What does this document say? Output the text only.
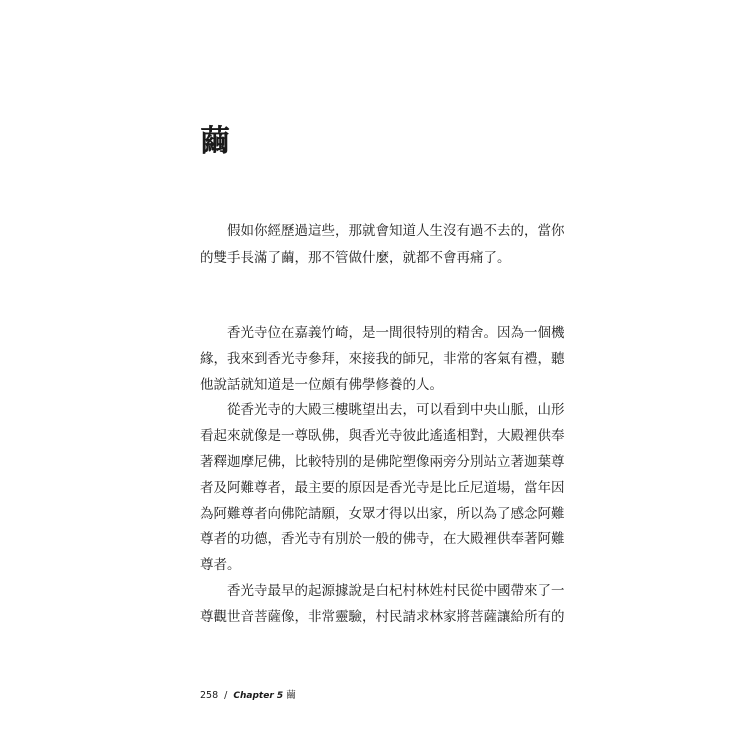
繭

假如你經歷過這些，那就會知道人生沒有過不去的，當你

的雙手長滿了繭，那不管做什麼，就都不會再痛了。

香光寺位在嘉義竹崎，是一間很特別的精舍。因為一個機
緣，我來到香光寺參拜，來接我的師兄，非常的客氣有禮，聽
他說話就知道是一位頗有佛學修養的人。
從香光寺的大殿三樓眺望出去，可以看到中央山脈，山形
看起來就像是一尊臥佛，與香光寺彼此遙遙相對，大殿裡供奉
著釋迦摩尼佛，比較特別的是佛陀塑像兩旁分別站立著迦葉尊
者及阿難尊者，最主要的原因是香光寺是比丘尼道場，當年因
為阿難尊者向佛陀請願，女眾才得以出家，所以為了感念阿難
尊者的功德，香光寺有別於一般的佛寺，在大殿裡供奉著阿難
尊者。
香光寺最早的起源據說是白杞村林姓村民從中國帶來了一
尊觀世音菩薩像，非常靈驗，村民請求林家將菩薩讓給所有的
258 / Chapter 5 繭
